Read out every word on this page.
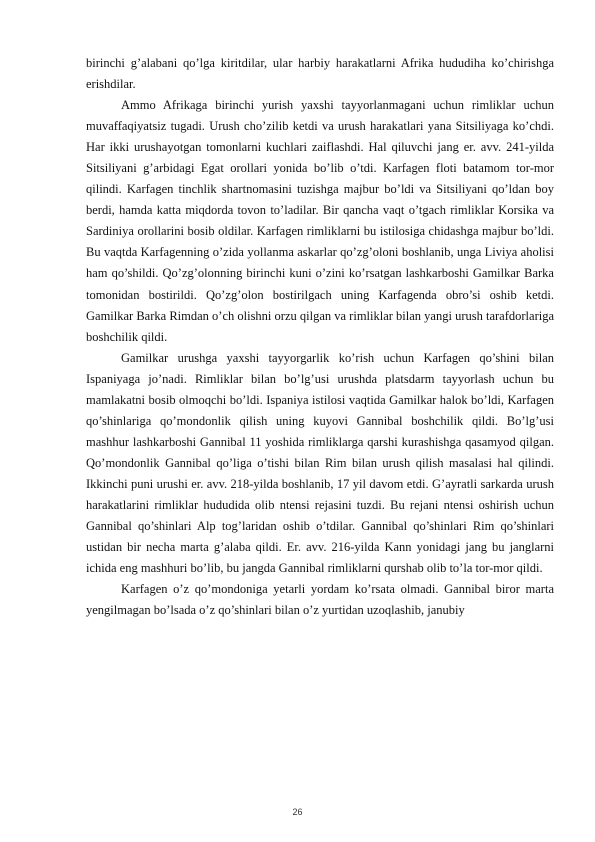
birinchi g’alabani qo’lga kiritdilar, ular harbiy harakatlarni Afrika hududiha ko’chirishga erishdilar.

Ammo Afrikaga birinchi yurish yaxshi tayyorlanmagani uchun rimliklar uchun muvaffaqiyatsiz tugadi. Urush cho’zilib ketdi va urush harakatlari yana Sitsiliyaga ko’chdi. Har ikki urushayotgan tomonlarni kuchlari zaiflashdi. Hal qiluvchi jang er. avv. 241-yilda Sitsiliyani g’arbidagi Egat orollari yonida bo’lib o’tdi. Karfagen floti batamom tor-mor qilindi. Karfagen tinchlik shartnomasini tuzishga majbur bo’ldi va Sitsiliyani qo’ldan boy berdi, hamda katta miqdorda tovon to’ladilar. Bir qancha vaqt o’tgach rimliklar Korsika va Sardiniya orollarini bosib oldilar. Karfagen rimliklarni bu istilosiga chidashga majbur bo’ldi. Bu vaqtda Karfagenning o’zida yollanma askarlar qo’zg’oloni boshlanib, unga Liviya aholisi ham qo’shildi. Qo’zg’olonning birinchi kuni o’zini ko’rsatgan lashkarboshi Gamilkar Barka tomonidan bostirildi. Qo’zg’olon bostirilgach uning Karfagenda obro’si oshib ketdi. Gamilkar Barka Rimdan o’ch olishni orzu qilgan va rimliklar bilan yangi urush tarafdorlariga boshchilik qildi.

Gamilkar urushga yaxshi tayyorgarlik ko’rish uchun Karfagen qo’shini bilan Ispaniyaga jo’nadi. Rimliklar bilan bo’lg’usi urushda platsdarm tayyorlash uchun bu mamlakatni bosib olmoqchi bo’ldi. Ispaniya istilosi vaqtida Gamilkar halok bo’ldi, Karfagen qo’shinlariga qo’mondonlik qilish uning kuyovi Gannibal boshchilik qildi. Bo’lg’usi mashhur lashkarboshi Gannibal 11 yoshida rimliklarga qarshi kurashishga qasamyod qilgan. Qo’mondonlik Gannibal qo’liga o’tishi bilan Rim bilan urush qilish masalasi hal qilindi. Ikkinchi puni urushi er. avv. 218-yilda boshlanib, 17 yil davom etdi. G’ayratli sarkarda urush harakatlarini rimliklar hududida olib ntensi rejasini tuzdi. Bu rejani ntensi oshirish uchun Gannibal qo’shinlari Alp tog’laridan oshib o’tdilar. Gannibal qo’shinlari Rim qo’shinlari ustidan bir necha marta g’alaba qildi. Er. avv. 216-yilda Kann yonidagi jang bu janglarni ichida eng mashhuri bo’lib, bu jangda Gannibal rimliklarni qurshab olib to’la tor-mor qildi.

Karfagen o’z qo’mondoniga yetarli yordam ko’rsata olmadi. Gannibal biror marta yengilmagan bo’lsada o’z qo’shinlari bilan o’z yurtidan uzoqlashib, janubiy

26
